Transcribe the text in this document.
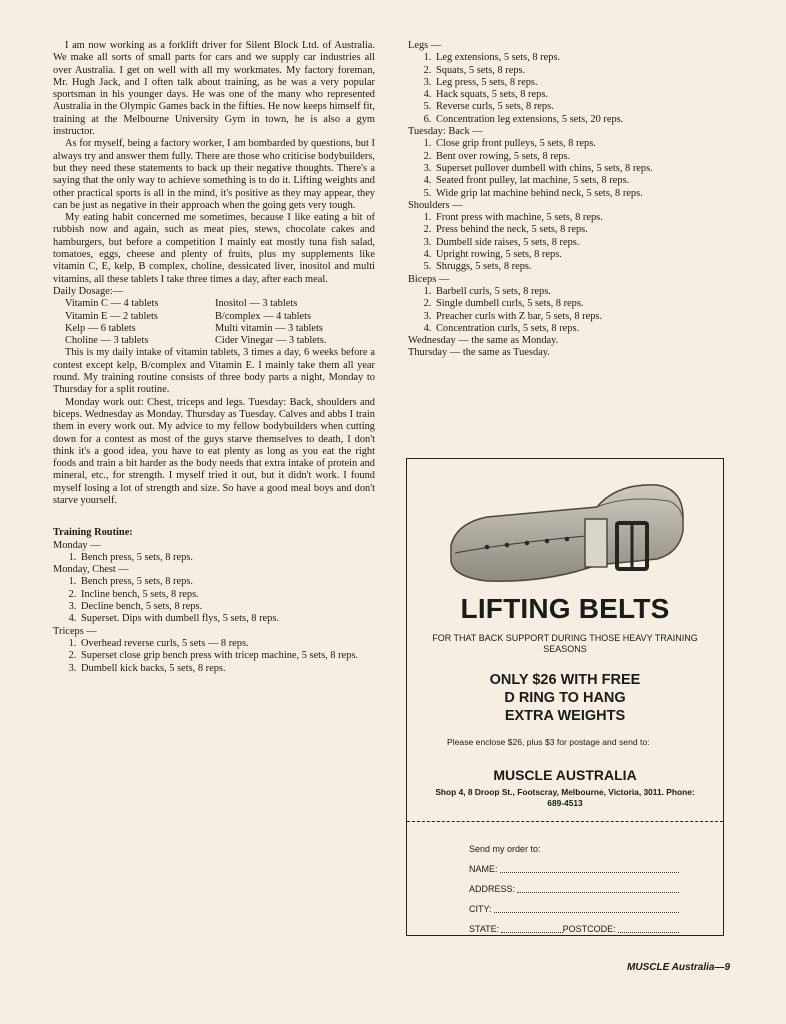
I am now working as a forklift driver for Silent Block Ltd. of Australia. We make all sorts of small parts for cars and we supply car industries all over Australia. I get on well with all my workmates. My factory foreman, Mr. Hugh Jack, and I often talk about training, as he was a very popular sportsman in his younger days. He was one of the many who represented Australia in the Olympic Games back in the fifties. He now keeps himself fit, training at the Melbourne University Gym in town, he is also a gym instructor.

As for myself, being a factory worker, I am bombarded by questions, but I always try and answer them fully. There are those who criticise bodybuilders, but they need these statements to back up their negative thoughts. There's a saying that the only way to achieve something is to do it. Lifting weights and other practical sports is all in the mind, it's positive as they may appear, they can be just as negative in their approach when the going gets very tough.

My eating habit concerned me sometimes, because I like eating a bit of rubbish now and again, such as meat pies, stews, chocolate cakes and hamburgers, but before a competition I mainly eat mostly tuna fish salad, tomatoes, eggs, cheese and plenty of fruits, plus my supplements like vitamin C, E, kelp, B complex, choline, dessicated liver, inositol and multi vitamins, all these tablets I take three times a day, after each meal.

Daily Dosage:—
Vitamin C — 4 tablets	Inositol — 3 tablets
Vitamin E — 2 tablets	B/complex — 4 tablets
Kelp — 6 tablets	Multi vitamin — 3 tablets
Choline — 3 tablets	Cider Vinegar — 3 tablets.

This is my daily intake of vitamin tablets, 3 times a day, 6 weeks before a contest except kelp, B/complex and Vitamin E. I mainly take them all year round. My training routine consists of three body parts a night, Monday to Thursday for a split routine.

Monday work out: Chest, triceps and legs. Tuesday: Back, shoulders and biceps. Wednesday as Monday. Thursday as Tuesday. Calves and abbs I train them in every work out. My advice to my fellow bodybuilders when cutting down for a contest as most of the guys starve themselves to death, I don't think it's a good idea, you have to eat plenty as long as you eat the right foods and train a bit harder as the body needs that extra intake of protein and mineral, etc., for strength. I myself tried it out, but it didn't work. I found myself losing a lot of strength and size. So have a good meal boys and don't starve yourself.

Training Routine:
Monday —
1. Bench press, 5 sets, 8 reps.
Monday, Chest —
1. Bench press, 5 sets, 8 reps.
2. Incline bench, 5 sets, 8 reps.
3. Decline bench, 5 sets, 8 reps.
4. Superset. Dips with dumbell flys, 5 sets, 8 reps.
Triceps —
1. Overhead reverse curls, 5 sets — 8 reps.
2. Superset close grip bench press with tricep machine, 5 sets, 8 reps.
3. Dumbell kick backs, 5 sets, 8 reps.
Legs —
1. Leg extensions, 5 sets, 8 reps.
2. Squats, 5 sets, 8 reps.
3. Leg press, 5 sets, 8 reps.
4. Hack squats, 5 sets, 8 reps.
5. Reverse curls, 5 sets, 8 reps.
6. Concentration leg extensions, 5 sets, 20 reps.
Tuesday: Back —
1. Close grip front pulleys, 5 sets, 8 reps.
2. Bent over rowing, 5 sets, 8 reps.
3. Superset pullover dumbell with chins, 5 sets, 8 reps.
4. Seated front pulley, lat machine, 5 sets, 8 reps.
5. Wide grip lat machine behind neck, 5 sets, 8 reps.
Shoulders —
1. Front press with machine, 5 sets, 8 reps.
2. Press behind the neck, 5 sets, 8 reps.
3. Dumbell side raises, 5 sets, 8 reps.
4. Upright rowing, 5 sets, 8 reps.
5. Shruggs, 5 sets, 8 reps.
Biceps —
1. Barbell curls, 5 sets, 8 reps.
2. Single dumbell curls, 5 sets, 8 reps.
3. Preacher curls with Z bar, 5 sets, 8 reps.
4. Concentration curls, 5 sets, 8 reps.
Wednesday — the same as Monday.
Thursday — the same as Tuesday.
LIFTING BELTS
FOR THAT BACK SUPPORT DURING THOSE HEAVY TRAINING SEASONS
ONLY $26 WITH FREE
D RING TO HANG
EXTRA WEIGHTS
Please enclose $26, plus $3 for postage and send to:
MUSCLE AUSTRALIA
Shop 4, 8 Droop St., Footscray, Melbourne, Victoria, 3011. Phone: 689-4513
Send my order to:
NAME:
ADDRESS:
CITY:
STATE:	POSTCODE:
MUSCLE Australia—9
